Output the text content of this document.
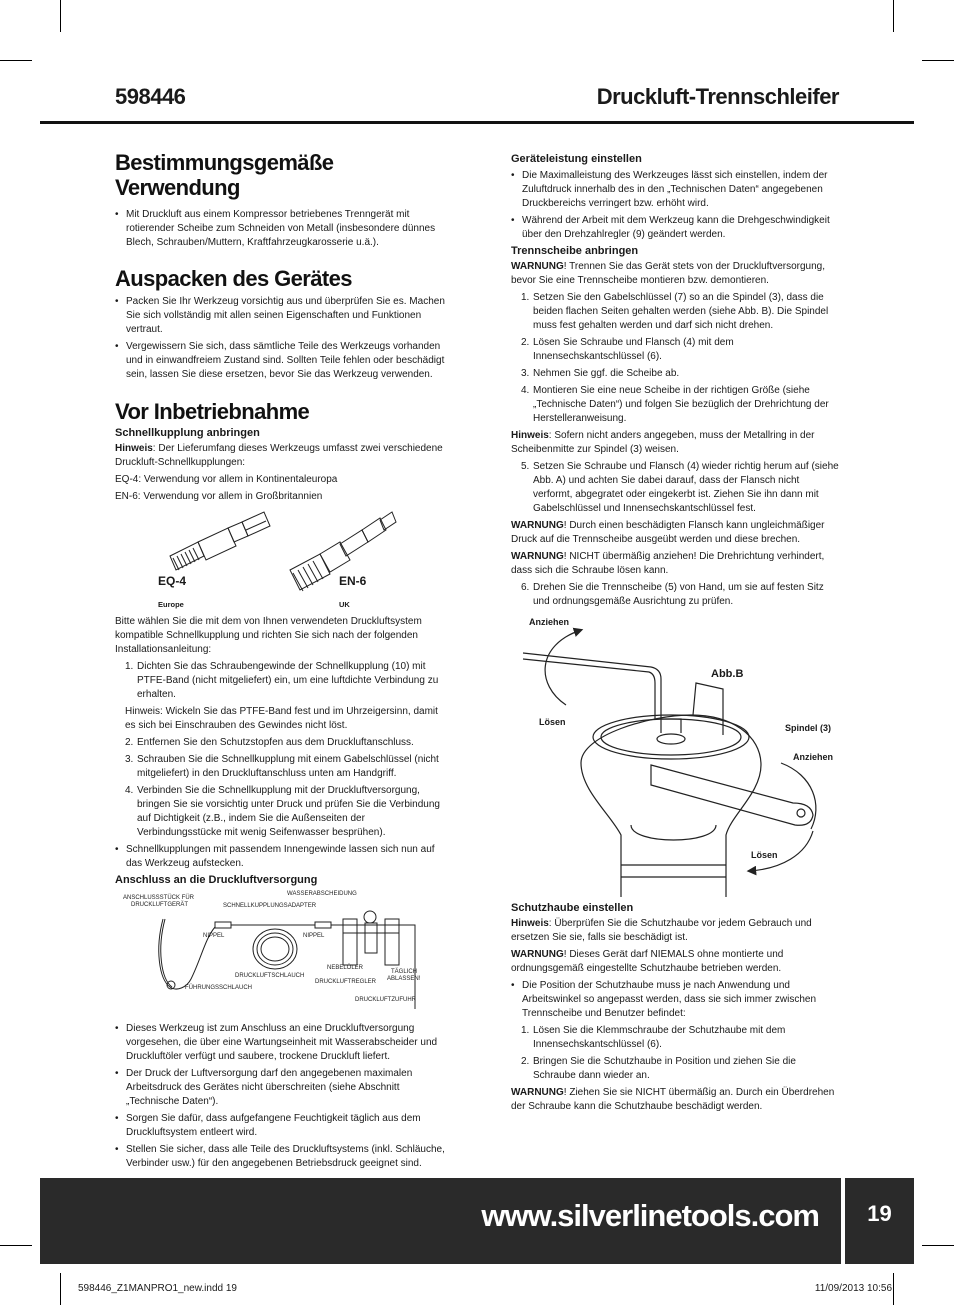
598446	Druckluft-Trennschleifer
Bestimmungsgemäße Verwendung
• Mit Druckluft aus einem Kompressor betriebenes Trenngerät mit rotierender Scheibe zum Schneiden von Metall (insbesondere dünnes Blech, Schrauben/Muttern, Kraftfahrzeugkarosserie u.ä.).
Auspacken des Gerätes
• Packen Sie Ihr Werkzeug vorsichtig aus und überprüfen Sie es. Machen Sie sich vollständig mit allen seinen Eigenschaften und Funktionen vertraut.
• Vergewissern Sie sich, dass sämtliche Teile des Werkzeugs vorhanden und in einwandfreiem Zustand sind. Sollten Teile fehlen oder beschädigt sein, lassen Sie diese ersetzen, bevor Sie das Werkzeug verwenden.
Vor Inbetriebnahme
Schnellkupplung anbringen

Hinweis: Der Lieferumfang dieses Werkzeugs umfasst zwei verschiedene Druckluft-Schnellkupplungen:

EQ-4: Verwendung vor allem in Kontinentaleuropa

EN-6: Verwendung vor allem in Großbritannien

EQ-4
Europe
EN-6
UK

Bitte wählen Sie die mit dem von Ihnen verwendeten Druckluftsystem kompatible Schnellkupplung und richten Sie sich nach der folgenden Installationsanleitung:

1. Dichten Sie das Schraubengewinde der Schnellkupplung (10) mit PTFE-Band (nicht mitgeliefert) ein, um eine luftdichte Verbindung zu erhalten.

Hinweis: Wickeln Sie das PTFE-Band fest und im Uhrzeigersinn, damit es sich bei Einschrauben des Gewindes nicht löst.

2. Entfernen Sie den Schutzstopfen aus dem Druckluftanschluss.
3. Schrauben Sie die Schnellkupplung mit einem Gabelschlüssel (nicht mitgeliefert) in den Druckluftanschluss unten am Handgriff.
4. Verbinden Sie die Schnellkupplung mit der Druckluftversorgung, bringen Sie sie vorsichtig unter Druck und prüfen Sie die Verbindung auf Dichtigkeit (z.B., indem Sie die Außenseiten der Verbindungsstücke mit wenig Seifenwasser besprühen).
• Schnellkupplungen mit passendem Innengewinde lassen sich nun auf das Werkzeug aufstecken.
Anschluss an die Druckluftversorgung
ANSCHLUSSSTÜCK FÜR
DRUCKLUFTGERÄT	SCHNELLKUPPLUNGSADAPTER
WASSERABSCHEIDUNG
NIPPEL	NIPPEL
DRUCKLUFTSCHLAUCH
NEBELÖLER
DRUCKLUFTREGLER
TÄGLICH
ABLASSEN!
FÜHRUNGSSCHLAUCH
DRUCKLUFTZUFUHR
• Dieses Werkzeug ist zum Anschluss an eine Druckluftversorgung vorgesehen, die über eine Wartungseinheit mit Wasserabscheider und Druckluftöler verfügt und saubere, trockene Druckluft liefert.
• Der Druck der Luftversorgung darf den angegebenen maximalen Arbeitsdruck des Gerätes nicht überschreiten (siehe Abschnitt „Technische Daten“).
• Sorgen Sie dafür, dass aufgefangene Feuchtigkeit täglich aus dem Druckluftsystem entleert wird.
• Stellen Sie sicher, dass alle Teile des Druckluftsystems (inkl. Schläuche, Verbinder usw.) für den angegebenen Betriebsdruck geeignet sind.
Geräteleistung einstellen
• Die Maximalleistung des Werkzeuges lässt sich einstellen, indem der Zuluftdruck innerhalb des in den „Technischen Daten“ angegebenen Druckbereichs verringert bzw. erhöht wird.
• Während der Arbeit mit dem Werkzeug kann die Drehgeschwindigkeit über den Drehzahlregler (9) geändert werden.
Trennscheibe anbringen

WARNUNG! Trennen Sie das Gerät stets von der Druckluftversorgung, bevor Sie eine Trennscheibe montieren bzw. demontieren.

1. Setzen Sie den Gabelschlüssel (7) so an die Spindel (3), dass die beiden flachen Seiten gehalten werden (siehe Abb. B). Die Spindel muss fest gehalten werden und darf sich nicht drehen.
2. Lösen Sie Schraube und Flansch (4) mit dem Innensechskantschlüssel (6).
3. Nehmen Sie ggf. die Scheibe ab.
4. Montieren Sie eine neue Scheibe in der richtigen Größe (siehe „Technische Daten“) und folgen Sie bezüglich der Drehrichtung der Herstelleranweisung.

Hinweis: Sofern nicht anders angegeben, muss der Metallring in der Scheibenmitte zur Spindel (3) weisen.

5. Setzen Sie Schraube und Flansch (4) wieder richtig herum auf (siehe Abb. A) und achten Sie dabei darauf, dass der Flansch nicht verformt, abgegratet oder eingekerbt ist. Ziehen Sie ihn dann mit Gabelschlüssel und Innensechskantschlüssel fest.

WARNUNG! Durch einen beschädigten Flansch kann ungleichmäßiger Druck auf die Trennscheibe ausgeübt werden und diese brechen.

WARNUNG! NICHT übermäßig anziehen! Die Drehrichtung verhindert, dass sich die Schraube lösen kann.

6. Drehen Sie die Trennscheibe (5) von Hand, um sie auf festen Sitz und ordnungsgemäße Ausrichtung zu prüfen.
Anziehen
Abb.B
Lösen
Spindel (3)
Anziehen
Lösen
Schutzhaube einstellen

Hinweis: Überprüfen Sie die Schutzhaube vor jedem Gebrauch und ersetzen Sie sie, falls sie beschädigt ist.

WARNUNG! Dieses Gerät darf NIEMALS ohne montierte und ordnungsgemäß eingestellte Schutzhaube betrieben werden.

• Die Position der Schutzhaube muss je nach Anwendung und Arbeitswinkel so angepasst werden, dass sie sich immer zwischen Trennscheibe und Benutzer befindet:
1. Lösen Sie die Klemmschraube der Schutzhaube mit dem Innensechskantschlüssel (6).
2. Bringen Sie die Schutzhaube in Position und ziehen Sie die Schraube dann wieder an.

WARNUNG! Ziehen Sie sie NICHT übermäßig an. Durch ein Überdrehen der Schraube kann die Schutzhaube beschädigt werden.

www.silverlinetools.com	19
598446_Z1MANPRO1_new.indd 19	11/09/2013 10:56
